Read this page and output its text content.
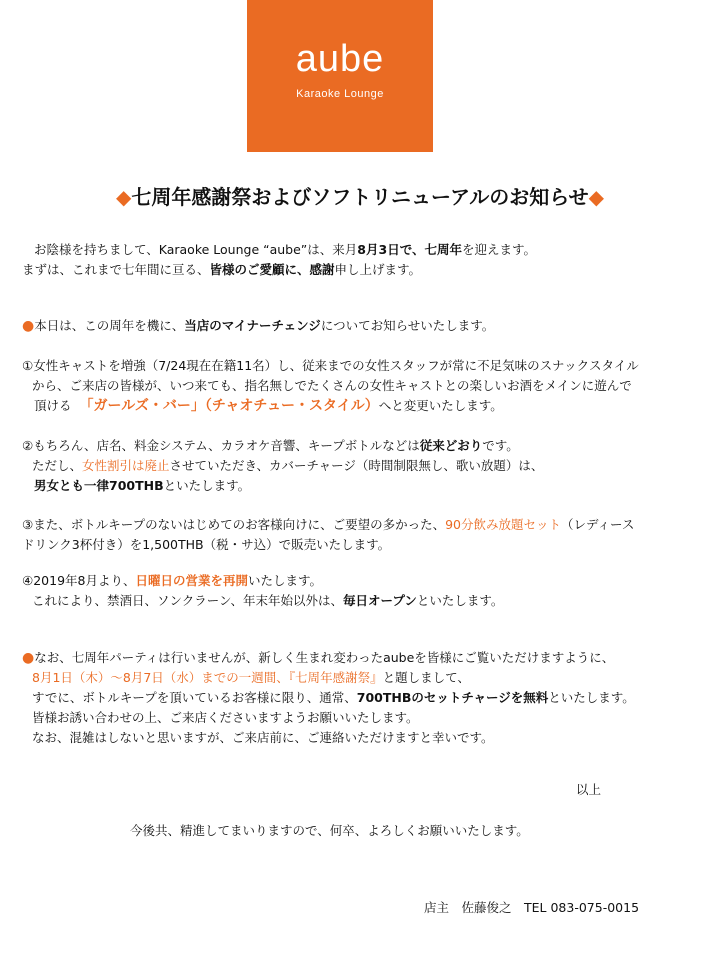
aube
Karaoke Lounge
◆七周年感謝祭およびソフトリニューアルのお知らせ◆
お陰様を持ちまして、Karaoke Lounge “aube”は、来月8月3日で、七周年を迎えます。
まずは、これまで七年間に亘る、皆様のご愛顧に、感謝申し上げます。
●本日は、この周年を機に、当店のマイナーチェンジについてお知らせいたします。
①女性キャストを増強（7/24現在在籍11名）し、従来までの女性スタッフが常に不足気味のスナックスタイル
から、ご来店の皆様が、いつ来ても、指名無しでたくさんの女性キャストとの楽しいお酒をメインに遊んで
頂ける 「ガールズ・バー」（チャオチュー・スタイル）へと変更いたします。
②もちろん、店名、料金システム、カラオケ音響、キープボトルなどは従来どおりです。
ただし、女性割引は廃止させていただき、カバーチャージ（時間制限無し、歌い放題）は、
男女とも一律700THBといたします。
③また、ボトルキープのないはじめてのお客様向けに、ご要望の多かった、90分飲み放題セット（レディース
ドリンク3杯付き）を1,500THB（税・サ込）で販売いたします。
④2019年8月より、日曜日の営業を再開いたします。
これにより、禁酒日、ソンクラーン、年末年始以外は、毎日オープンといたします。
●なお、七周年パーティは行いませんが、新しく生まれ変わったaubeを皆様にご覧いただけますように、
8月1日（木）～8月7日（水）までの一週間、『七周年感謝祭』と題しまして、
すでに、ボトルキープを頂いているお客様に限り、通常、700THBのセットチャージを無料といたします。
皆様お誘い合わせの上、ご来店くださいますようお願いいたします。
なお、混雑はしないと思いますが、ご来店前に、ご連絡いただけますと幸いです。
以上
今後共、精進してまいりますので、何卒、よろしくお願いいたします。
店主　佐藤俊之　TEL 083-075-0015
